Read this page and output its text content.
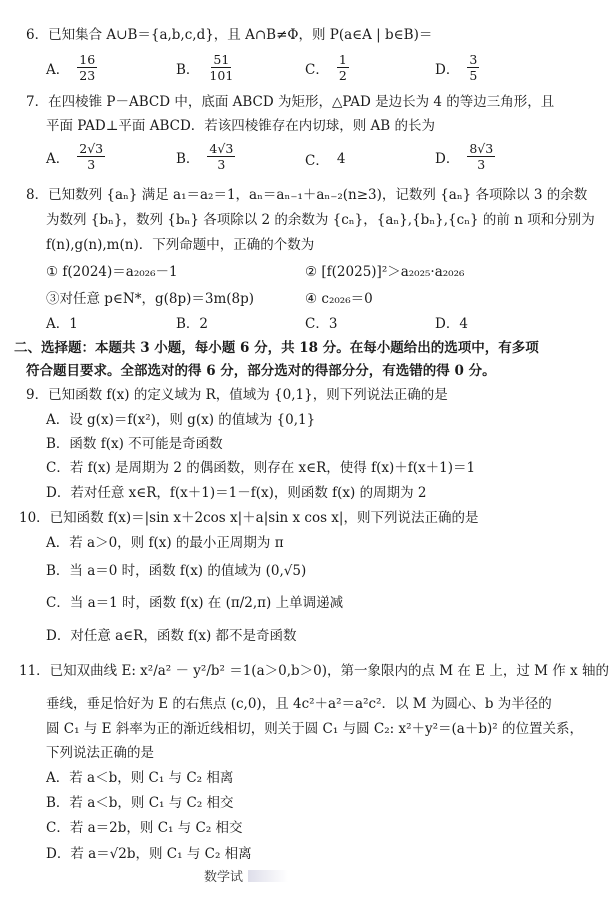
6．已知集合 A∪B＝{a,b,c,d}，且 A∩B≠Φ，则 P(a∈A | b∈B)＝
A． $\frac{16}{23}$	B． $\frac{51}{101}$	C． $\frac{1}{2}$	D． $\frac{3}{5}$
7．在四棱锥 P－ABCD 中，底面 ABCD 为矩形，△PAD 是边长为 4 的等边三角形，且
平面 PAD⊥平面 ABCD．若该四棱锥存在内切球，则 AB 的长为
A． $\frac{2√3}{3}$	B． $\frac{4√3}{3}$	C． 4	D． $\frac{8√3}{3}$
8．已知数列 {aₙ} 满足 a₁＝a₂＝1，aₙ＝aₙ₋₁＋aₙ₋₂(n≥3)，记数列 {aₙ} 各项除以 3 的余数
为数列 {bₙ}，数列 {bₙ} 各项除以 2 的余数为 {cₙ}，{aₙ},{bₙ},{cₙ} 的前 n 项和分别为
f(n),g(n),m(n)．下列命题中，正确的个数为
① f(2024)＝a₂₀₂₆－1	② [f(2025)]²＞a₂₀₂₅·a₂₀₂₆
③对任意 p∈N*，g(8p)＝3m(8p)	④ c₂₀₂₆＝0
A．1	B．2	C．3	D．4
二、选择题：本题共 3 小题，每小题 6 分，共 18 分。在每小题给出的选项中，有多项
符合题目要求。全部选对的得 6 分，部分选对的得部分分，有选错的得 0 分。
9．已知函数 f(x) 的定义域为 R，值域为 {0,1}，则下列说法正确的是
A．设 g(x)＝f(x²)，则 g(x) 的值域为 {0,1}
B．函数 f(x) 不可能是奇函数
C．若 f(x) 是周期为 2 的偶函数，则存在 x∈R，使得 f(x)＋f(x＋1)＝1
D．若对任意 x∈R，f(x＋1)＝1－f(x)，则函数 f(x) 的周期为 2
10．已知函数 f(x)＝|sin x＋2cos x|＋a|sin x cos x|，则下列说法正确的是
A．若 a＞0，则 f(x) 的最小正周期为 π
B．当 a＝0 时，函数 f(x) 的值域为 (0,√5)
C．当 a＝1 时，函数 f(x) 在 (π/2,π) 上单调递减
D．对任意 a∈R，函数 f(x) 都不是奇函数
11．已知双曲线 E: x²/a² － y²/b² ＝1(a＞0,b＞0)，第一象限内的点 M 在 E 上，过 M 作 x 轴的
垂线，垂足恰好为 E 的右焦点 (c,0)，且 4c²＋a²＝a²c²．以 M 为圆心、b 为半径的
圆 C₁ 与 E 斜率为正的渐近线相切，则关于圆 C₁ 与圆 C₂: x²＋y²＝(a＋b)² 的位置关系，
下列说法正确的是
A．若 a＜b，则 C₁ 与 C₂ 相离
B．若 a＜b，则 C₁ 与 C₂ 相交
C．若 a＝2b，则 C₁ 与 C₂ 相交
D．若 a＝√2b，则 C₁ 与 C₂ 相离
数学试
